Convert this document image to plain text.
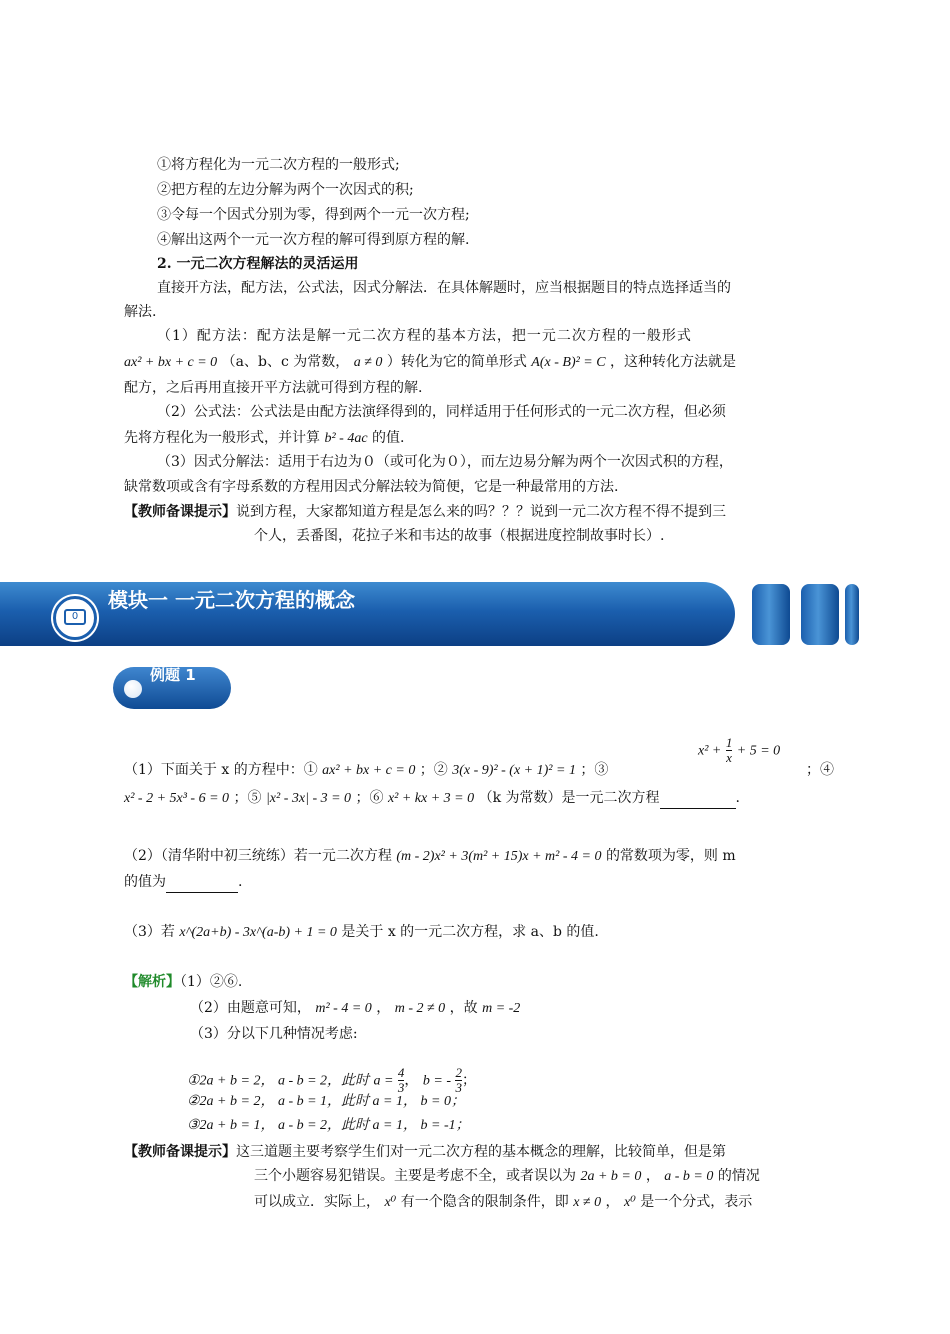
①将方程化为一元二次方程的一般形式;
②把方程的左边分解为两个一次因式的积;
③令每一个因式分别为零，得到两个一元一次方程;
④解出这两个一元一次方程的解可得到原方程的解.
2. 一元二次方程解法的灵活运用
直接开方法，配方法，公式法，因式分解法．在具体解题时，应当根据题目的特点选择适当的
解法.
（1）配方法：配方法是解一元二次方程的基本方法，把一元二次方程的一般形式
ax² + bx + c = 0 （a、b、c 为常数， a ≠ 0 ）转化为它的简单形式 A(x - B)² = C ，这种转化方法就是
配方，之后再用直接开平方法就可得到方程的解.
（2）公式法：公式法是由配方法演绎得到的，同样适用于任何形式的一元二次方程，但必须
先将方程化为一般形式，并计算 b² - 4ac 的值.
（3）因式分解法：适用于右边为０（或可化为０），而左边易分解为两个一次因式积的方程，
缺常数项或含有字母系数的方程用因式分解法较为简便，它是一种最常用的方法.
【教师备课提示】说到方程，大家都知道方程是怎么来的吗？？？说到一元二次方程不得不提到三
个人，丢番图，花拉子米和韦达的故事（根据进度控制故事时长）.
0
模块一 一元二次方程的概念
例题 1
（1）下面关于 x 的方程中：① ax² + bx + c = 0 ；② 3(x - 9)² - (x + 1)² = 1 ；③
$x^2 + \frac{1}{x} + 5 = 0$
；④
x² - 2 + 5x³ - 6 = 0 ；⑤ |x² - 3x| - 3 = 0 ；⑥ x² + kx + 3 = 0 （k 为常数）是一元二次方程	.
（2）（清华附中初三统练）若一元二次方程 (m - 2)x² + 3(m² + 15)x + m² - 4 = 0 的常数项为零，则 m
的值为	.
（3）若 x^(2a+b) - 3x^(a-b) + 1 = 0 是关于 x 的一元二次方程，求 a、b 的值.
【解析】（1）②⑥.
（2）由题意可知， m² - 4 = 0 ， m - 2 ≠ 0 ，故 m = -2
（3）分以下几种情况考虑:
①2a + b = 2， a - b = 2，此时 $a = \frac{4}{3}$ ， b = - $\frac{2}{3}$ ；
②2a + b = 2， a - b = 1，此时 a = 1， b = 0；
③2a + b = 1， a - b = 2，此时 a = 1， b = -1；
【教师备课提示】这三道题主要考察学生们对一元二次方程的基本概念的理解，比较简单，但是第
三个小题容易犯错误。主要是考虑不全，或者误以为 2a + b = 0 ， a - b = 0 的情况
可以成立．实际上， x⁰ 有一个隐含的限制条件，即 x ≠ 0 ， x⁰ 是一个分式，表示
